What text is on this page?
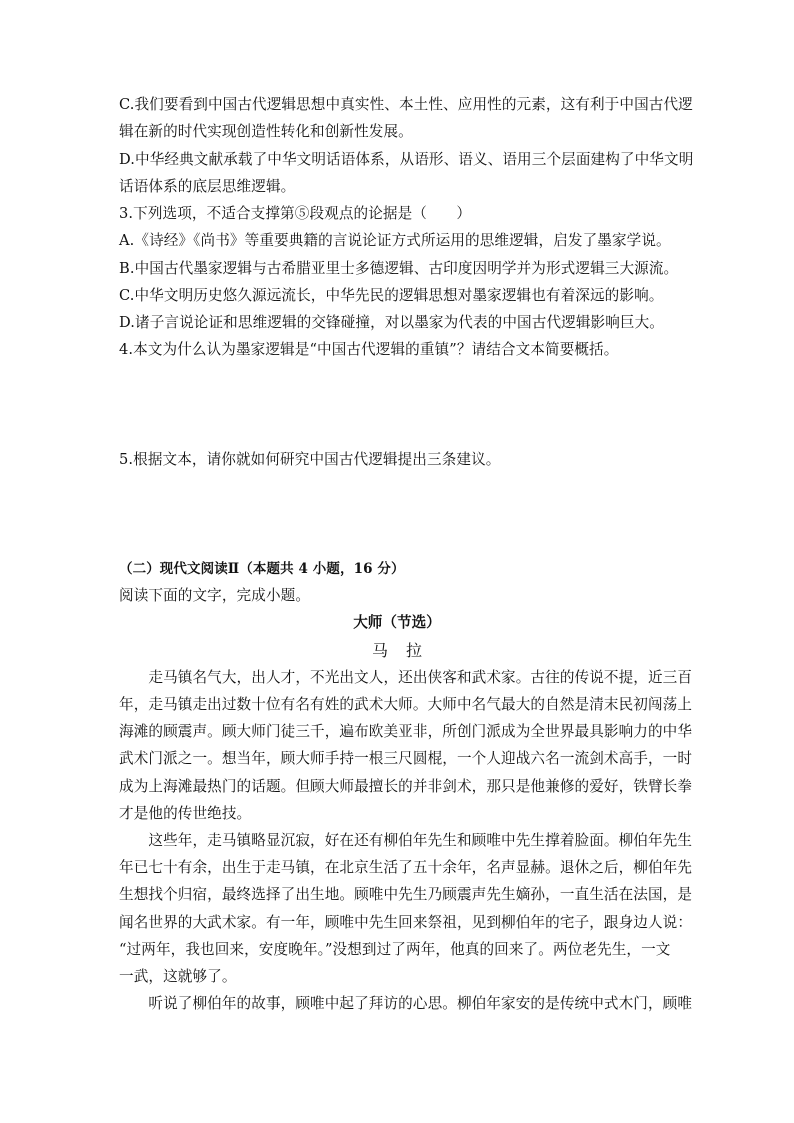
C.我们要看到中国古代逻辑思想中真实性、本土性、应用性的元素，这有利于中国古代逻
辑在新的时代实现创造性转化和创新性发展。
D.中华经典文献承载了中华文明话语体系，从语形、语义、语用三个层面建构了中华文明
话语体系的底层思维逻辑。
3.下列选项，不适合支撑第⑤段观点的论据是（　　）
A.《诗经》《尚书》等重要典籍的言说论证方式所运用的思维逻辑，启发了墨家学说。
B.中国古代墨家逻辑与古希腊亚里士多德逻辑、古印度因明学并为形式逻辑三大源流。
C.中华文明历史悠久源远流长，中华先民的逻辑思想对墨家逻辑也有着深远的影响。
D.诸子言说论证和思维逻辑的交锋碰撞，对以墨家为代表的中国古代逻辑影响巨大。
4.本文为什么认为墨家逻辑是“中国古代逻辑的重镇”？请结合文本简要概括。
5.根据文本，请你就如何研究中国古代逻辑提出三条建议。
（二）现代文阅读Ⅱ（本题共 4 小题，16 分）
阅读下面的文字，完成小题。
大师（节选）
马拉
　　走马镇名气大，出人才，不光出文人，还出侠客和武术家。古往的传说不提，近三百
年，走马镇走出过数十位有名有姓的武术大师。大师中名气最大的自然是清末民初闯荡上
海滩的顾震声。顾大师门徒三千，遍布欧美亚非，所创门派成为全世界最具影响力的中华
武术门派之一。想当年，顾大师手持一根三尺圆棍，一个人迎战六名一流剑术高手，一时
成为上海滩最热门的话题。但顾大师最擅长的并非剑术，那只是他兼修的爱好，铁臂长拳
才是他的传世绝技。
　　这些年，走马镇略显沉寂，好在还有柳伯年先生和顾唯中先生撑着脸面。柳伯年先生
年已七十有余，出生于走马镇，在北京生活了五十余年，名声显赫。退休之后，柳伯年先
生想找个归宿，最终选择了出生地。顾唯中先生乃顾震声先生嫡孙，一直生活在法国，是
闻名世界的大武术家。有一年，顾唯中先生回来祭祖，见到柳伯年的宅子，跟身边人说：
“过两年，我也回来，安度晚年。”没想到过了两年，他真的回来了。两位老先生，一文
一武，这就够了。
　　听说了柳伯年的故事，顾唯中起了拜访的心思。柳伯年家安的是传统中式木门，顾唯
